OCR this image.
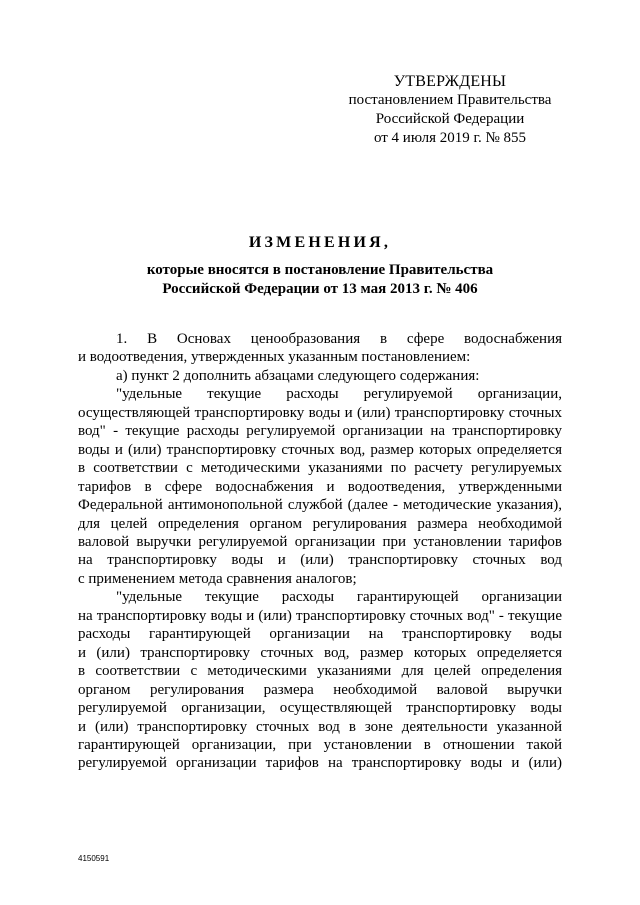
УТВЕРЖДЕНЫ
постановлением Правительства
Российской Федерации
от 4 июля 2019 г. № 855

ИЗМЕНЕНИЯ,

которые вносятся в постановление Правительства
Российской Федерации от 13 мая 2013 г. № 406

1. В Основах ценообразования в сфере водоснабжения
и водоотведения, утвержденных указанным постановлением:
а) пункт 2 дополнить абзацами следующего содержания:
"удельные текущие расходы регулируемой организации,
осуществляющей транспортировку воды и (или) транспортировку сточных
вод" - текущие расходы регулируемой организации на транспортировку
воды и (или) транспортировку сточных вод, размер которых определяется
в соответствии с методическими указаниями по расчету регулируемых
тарифов в сфере водоснабжения и водоотведения, утвержденными
Федеральной антимонопольной службой (далее - методические указания),
для целей определения органом регулирования размера необходимой
валовой выручки регулируемой организации при установлении тарифов
на транспортировку воды и (или) транспортировку сточных вод
с применением метода сравнения аналогов;
"удельные текущие расходы гарантирующей организации
на транспортировку воды и (или) транспортировку сточных вод" - текущие
расходы гарантирующей организации на транспортировку воды
и (или) транспортировку сточных вод, размер которых определяется
в соответствии с методическими указаниями для целей определения
органом регулирования размера необходимой валовой выручки
регулируемой организации, осуществляющей транспортировку воды
и (или) транспортировку сточных вод в зоне деятельности указанной
гарантирующей организации, при установлении в отношении такой
регулируемой организации тарифов на транспортировку воды и (или)
4150591
